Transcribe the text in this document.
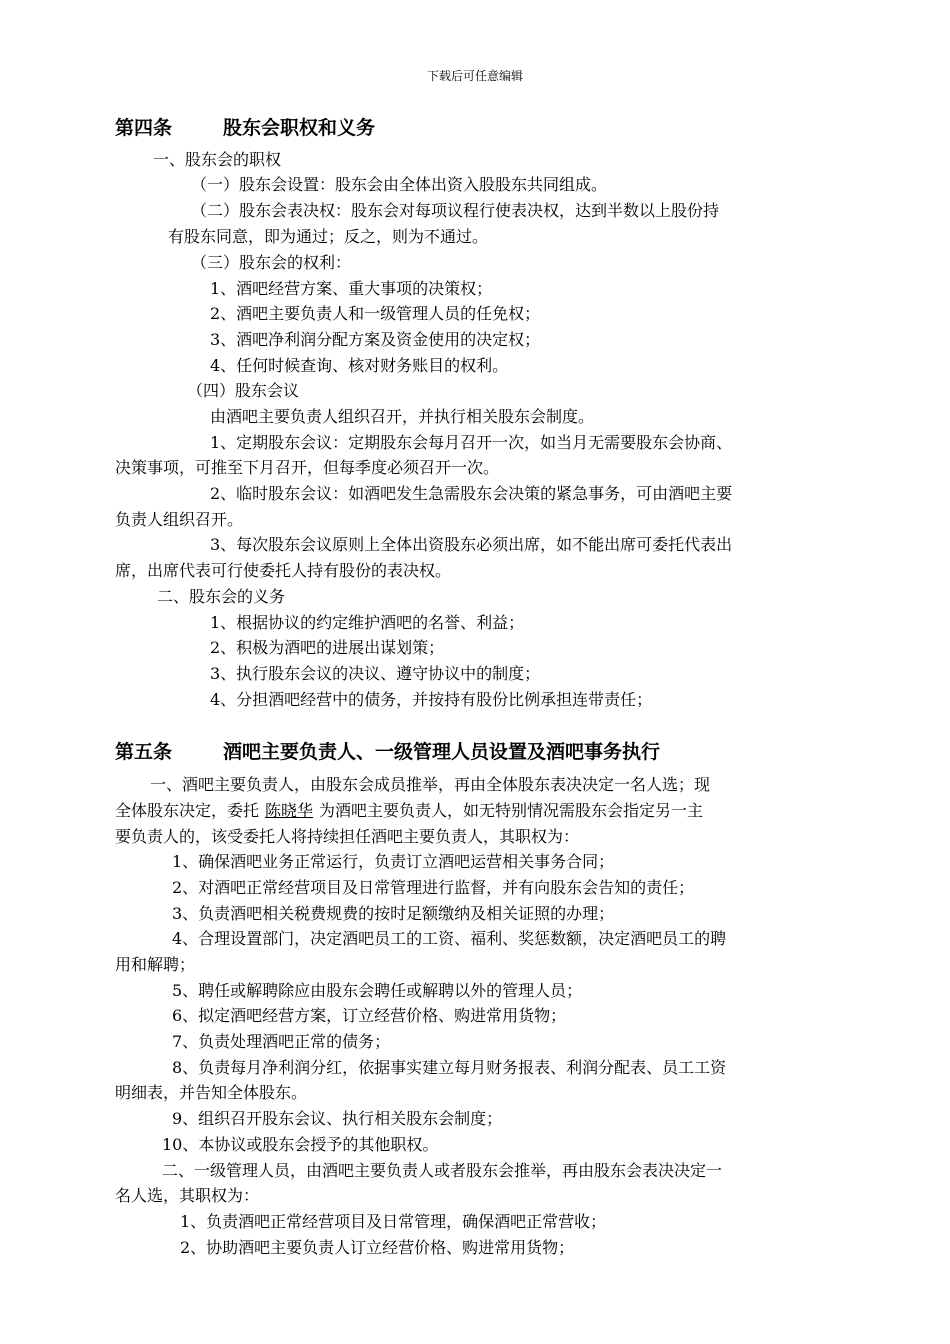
下载后可任意编辑
第四条	股东会职权和义务
一、股东会的职权
（一）股东会设置：股东会由全体出资入股股东共同组成。
（二）股东会表决权：股东会对每项议程行使表决权，达到半数以上股份持
有股东同意，即为通过；反之，则为不通过。
（三）股东会的权利：
1、酒吧经营方案、重大事项的决策权；
2、酒吧主要负责人和一级管理人员的任免权；
3、酒吧净利润分配方案及资金使用的决定权；
4、任何时候查询、核对财务账目的权利。
（四）股东会议
由酒吧主要负责人组织召开，并执行相关股东会制度。
1、定期股东会议：定期股东会每月召开一次，如当月无需要股东会协商、
决策事项，可推至下月召开，但每季度必须召开一次。
2、临时股东会议：如酒吧发生急需股东会决策的紧急事务，可由酒吧主要
负责人组织召开。
3、每次股东会议原则上全体出资股东必须出席，如不能出席可委托代表出
席，出席代表可行使委托人持有股份的表决权。
二、股东会的义务
1、根据协议的约定维护酒吧的名誉、利益；
2、积极为酒吧的进展出谋划策；
3、执行股东会议的决议、遵守协议中的制度；
4、分担酒吧经营中的债务，并按持有股份比例承担连带责任；
第五条	酒吧主要负责人、一级管理人员设置及酒吧事务执行
一、酒吧主要负责人，由股东会成员推举，再由全体股东表决决定一名人选；现
全体股东决定，委托 陈晓华 为酒吧主要负责人，如无特别情况需股东会指定另一主
要负责人的，该受委托人将持续担任酒吧主要负责人，其职权为：
1、确保酒吧业务正常运行，负责订立酒吧运营相关事务合同；
2、对酒吧正常经营项目及日常管理进行监督，并有向股东会告知的责任；
3、负责酒吧相关税费规费的按时足额缴纳及相关证照的办理；
4、合理设置部门，决定酒吧员工的工资、福利、奖惩数额，决定酒吧员工的聘
用和解聘；
5、聘任或解聘除应由股东会聘任或解聘以外的管理人员；
6、拟定酒吧经营方案，订立经营价格、购进常用货物；
7、负责处理酒吧正常的债务；
8、负责每月净利润分红，依据事实建立每月财务报表、利润分配表、员工工资
明细表，并告知全体股东。
9、组织召开股东会议、执行相关股东会制度；
10、本协议或股东会授予的其他职权。
二、一级管理人员，由酒吧主要负责人或者股东会推举，再由股东会表决决定一
名人选，其职权为：
1、负责酒吧正常经营项目及日常管理，确保酒吧正常营收；
2、协助酒吧主要负责人订立经营价格、购进常用货物；
